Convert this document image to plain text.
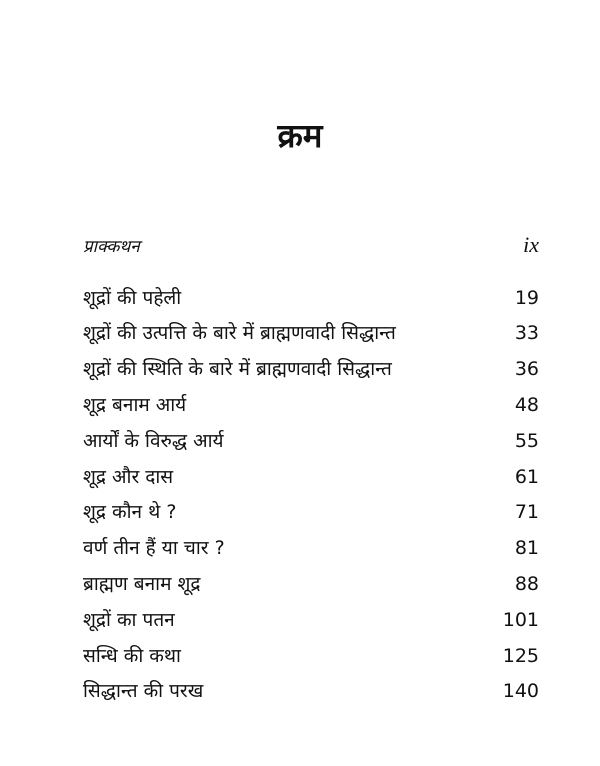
क्रम
प्राक्कथन	ix
शूद्रों की पहेली	19
शूद्रों की उत्पत्ति के बारे में ब्राह्मणवादी सिद्धान्त	33
शूद्रों की स्थिति के बारे में ब्राह्मणवादी सिद्धान्त	36
शूद्र बनाम आर्य	48
आर्यों के विरुद्ध आर्य	55
शूद्र और दास	61
शूद्र कौन थे ?	71
वर्ण तीन हैं या चार ?	81
ब्राह्मण बनाम शूद्र	88
शूद्रों का पतन	101
सन्धि की कथा	125
सिद्धान्त की परख	140
